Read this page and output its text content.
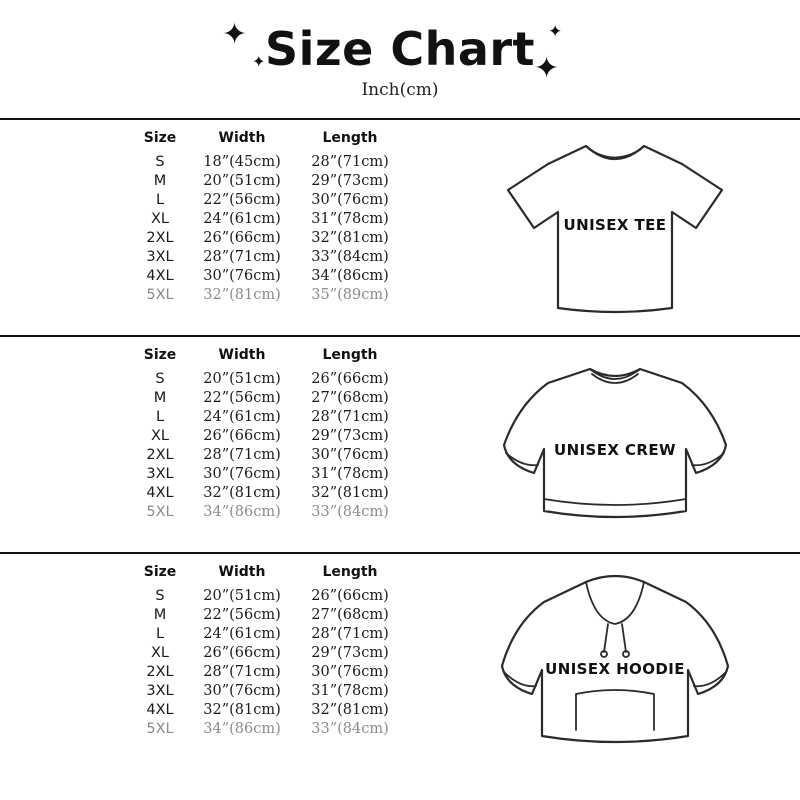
✦
✦
✦
✦
Size Chart
Inch(cm)
Size	Width	Length
S	18”(45cm)	28”(71cm)
M	20”(51cm)	29”(73cm)
L	22”(56cm)	30”(76cm)
XL	24”(61cm)	31”(78cm)
2XL	26”(66cm)	32”(81cm)
3XL	28”(71cm)	33”(84cm)
4XL	30”(76cm)	34”(86cm)
5XL	32”(81cm)	35”(89cm)
UNISEX TEE
Size	Width	Length
S	20”(51cm)	26”(66cm)
M	22”(56cm)	27”(68cm)
L	24”(61cm)	28”(71cm)
XL	26”(66cm)	29”(73cm)
2XL	28”(71cm)	30”(76cm)
3XL	30”(76cm)	31”(78cm)
4XL	32”(81cm)	32”(81cm)
5XL	34”(86cm)	33”(84cm)
UNISEX CREW
Size	Width	Length
S	20”(51cm)	26”(66cm)
M	22”(56cm)	27”(68cm)
L	24”(61cm)	28”(71cm)
XL	26”(66cm)	29”(73cm)
2XL	28”(71cm)	30”(76cm)
3XL	30”(76cm)	31”(78cm)
4XL	32”(81cm)	32”(81cm)
5XL	34”(86cm)	33”(84cm)
UNISEX HOODIE
